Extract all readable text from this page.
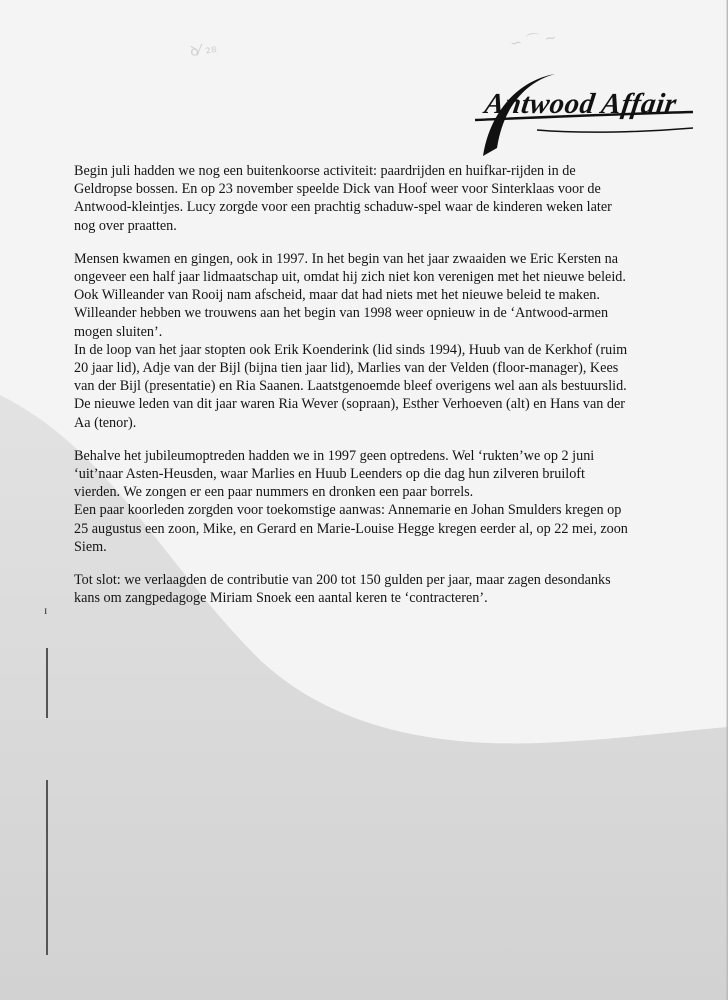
ꝺ⁄ ₂₈	∽ ⌒ ∼
Antwood Affair

Begin juli hadden we nog een buitenkoorse activiteit: paardrijden en huifkar-rijden in de Geldropse bossen. En op 23 november speelde Dick van Hoof weer voor Sinterklaas voor de Antwood-kleintjes. Lucy zorgde voor een prachtig schaduw-spel waar de kinderen weken later nog over praatten.

Mensen kwamen en gingen, ook in 1997. In het begin van het jaar zwaaiden we Eric Kersten na ongeveer een half jaar lidmaatschap uit, omdat hij zich niet kon verenigen met het nieuwe beleid. Ook Willeander van Rooij nam afscheid, maar dat had niets met het nieuwe beleid te maken. Willeander hebben we trouwens aan het begin van 1998 weer opnieuw in de ‘Antwood-armen mogen sluiten’.

In de loop van het jaar stopten ook Erik Koenderink (lid sinds 1994), Huub van de Kerkhof (ruim 20 jaar lid), Adje van der Bijl (bijna tien jaar lid), Marlies van der Velden (floor-manager), Kees van der Bijl (presentatie) en Ria Saanen. Laatstgenoemde bleef overigens wel aan als bestuurslid.

De nieuwe leden van dit jaar waren Ria Wever (sopraan), Esther Verhoeven (alt) en Hans van der Aa (tenor).

Behalve het jubileumoptreden hadden we in 1997 geen optredens. Wel ‘rukten’we op 2 juni ‘uit’naar Asten-Heusden, waar Marlies en Huub Leenders op die dag hun zilveren bruiloft vierden. We zongen er een paar nummers en dronken een paar borrels.

Een paar koorleden zorgden voor toekomstige aanwas: Annemarie en Johan Smulders kregen op 25 augustus een zoon, Mike, en Gerard en Marie-Louise Hegge kregen eerder al, op 22 mei, zoon Siem.

Tot slot: we verlaagden de contributie van 200 tot 150 gulden per jaar, maar zagen desondanks kans om zangpedagoge Miriam Snoek een aantal keren te ‘contracteren’.

ɪ
